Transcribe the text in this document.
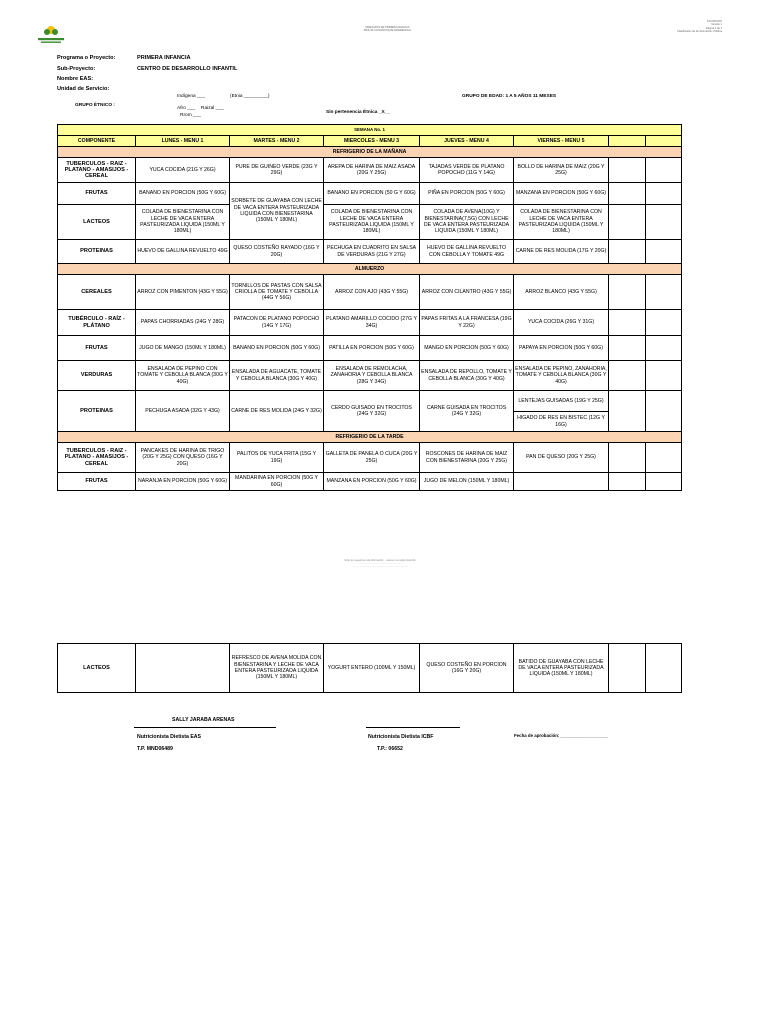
DIRECCIÓN DE PRIMERA INFANCIA
MINUTA CON ENFOQUE DIFERENCIAL
F23.MO4.PP
Versión 1
Página 1 de 1
Clasificación de la información: Pública
Programa o Proyecto:	PRIMERA INFANCIA
Sub-Proyecto:	CENTRO DE DESARROLLO INFANTIL
Nombre EAS:
Unidad de Servicio:
Indígena ___	(Etnia _________)
GRUPO ÉTNICO :
Afro ___ Raizal ___
Rrom ___
Sin pertenencia Étnica _X__
GRUPO DE EDAD: 1 A 5 AÑOS 11 MESES
SEMANA No. 1							
COMPONENTE	LUNES - MENU 1	MARTES - MENU 2	MIERCOLES - MENU 3	JUEVES - MENU 4	VIERNES - MENU 5		
REFRIGERIO DE LA MAÑANA							
TUBERCULOS - RAIZ - PLATANO - AMASIJOS - CEREAL	YUCA COCIDA (21G Y 26G)	PURE DE GUINEO VERDE (23G Y 29G)	AREPA DE HARINA DE MAIZ ASADA (20G Y 25G)	TAJADAS VERDE DE PLATANO POPOCHO (11G Y 14G)	BOLLO DE HARINA DE MAIZ (20G Y 25G)		
FRUTAS	BANANO EN PORCION (50G Y 60G)	SORBETE DE GUAYABA CON LECHE DE VACA ENTERA PASTEURIZADA LIQUIDA CON BIENESTARINA (150ML Y 180ML)	BANANO EN PORCION (50 G Y 60G)	PIÑA EN PORCION (50G Y 60G)	MANZANA EN PORCION (50G Y 60G)		
LACTEOS	COLADA DE BIENESTARINA CON LECHE DE VACA ENTERA PASTEURIZADA LIQUIDA (150ML Y 180ML)		COLADA DE BIENESTARINA CON LECHE DE VACA ENTERA PASTEURIZADA LIQUIDA (150ML Y 180ML)	COLADA DE AVENA(10G) Y BIENESTARINA(7,5G) CON LECHE DE VACA ENTERA PASTEURIZADA LIQUIDA (150ML Y 180ML)	COLADA DE BIENESTARINA CON LECHE DE VACA ENTERA PASTEURIZADA LIQUIDA (150ML Y 180ML)		
PROTEINAS	HUEVO DE GALLINA REVUELTO 49G	QUESO COSTEÑO RAYADO (16G Y 20G)	PECHUGA EN CUADRITO EN SALSA DE VERDURAS (21G Y 27G)	HUEVO DE GALLINA REVUELTO CON CEBOLLA Y TOMATE 49G	CARNE DE RES MOLIDA (17G Y 20G)		
ALMUERZO							
CEREALES	ARROZ CON PIMENTON (43G Y 55G)	TORNILLOS DE PASTAS CON SALSA CRIOLLA DE TOMATE Y CEBOLLA (44G Y 56G)	ARROZ CON AJO (43G Y 55G)	ARROZ CON CILANTRO (43G Y 55G)	ARROZ BLANCO (43G Y 55G)		
TUBÉRCULO - RAÍZ - PLÁTANO	PAPAS CHORRIADAS (24G Y 28G)	PATACON DE PLATANO POPOCHO (14G Y 17G)	PLATANO AMARILLO COCIDO (27G Y 34G)	PAPAS FRITAS A LA FRANCESA (19G Y 22G)	YUCA COCIDA (26G Y 31G)		
FRUTAS	JUGO DE MANGO (150ML Y 180ML)	BANANO EN PORCION (50G Y 60G)	PATILLA EN PORCION (50G Y 60G)	MANGO EN PORCION (50G Y 60G)	PAPAYA EN PORCION (50G Y 60G)		
VERDURAS	ENSALADA DE PEPINO CON TOMATE Y CEBOLLA BLANCA (30G Y 40G)	ENSALADA DE AGUACATE, TOMATE Y CEBOLLA BLANCA (30G Y 40G)	ENSALADA DE REMOLACHA, ZANAHORIA Y CEBOLLA BLANCA (28G Y 34G)	ENSALADA DE REPOLLO, TOMATE Y CEBOLLA BLANCA (30G Y 40G)	ENSALADA DE PEPINO, ZANAHORIA, TOMATE Y CEBOLLA BLANCA (30G Y 40G)		
PROTEINAS	PECHUGA ASADA (32G Y 43G)	CARNE DE RES MOLIDA (24G Y 32G)	CERDO GUISADO EN TROCITOS (24G Y 32G)	CARNE GUISADA EN TROCITOS (24G Y 32G)	LENTEJAS GUISADAS (19G Y 25G)		
					HIGADO DE RES EN BISTEC (12G Y 16G)		
REFRIGERIO DE LA TARDE							
TUBERCULOS - RAIZ - PLATANO - AMASIJOS - CEREAL	PANCAKES DE HARINA DE TRIGO (20G Y 25G) CON QUESO (16G Y 20G)	PALITOS DE YUCA FRITA (15G Y 19G)	GALLETA DE PANELA O CUCA (20G Y 25G)	ROSCONES DE HARINA DE MAIZ CON BIENESTARINA (20G Y 25G)	PAN DE QUESO (20G Y 25G)		
FRUTAS	NARANJA EN PORCION (50G Y 60G)	MANDARINA EN PORCION (50G Y 60G)	MANZANA EN PORCION (50G Y 60G)	JUGO DE MELON (150ML Y 180ML)			
Nota: de requerirse más información, ...anexa en el anglo preferido
...................................................................
...................................................................................
LACTEOS		REFRESCO DE AVENA MOLIDA CON BIENESTARINA Y LECHE DE VACA ENTERA PASTEURIZADA LIQUIDA (150ML Y 180ML)	YOGURT ENTERO (100ML Y 150ML)	QUESO COSTEÑO EN PORCION (16G Y 20G)	BATIDO DE GUAYABA CON LECHE DE VACA ENTERA PASTEURIZADA LIQUIDA (150ML Y 180ML)		
SALLY JARABA ARENAS
Nutricionista Dietista EAS
T.P. MND06489
Nutricionista Dietista ICBF
T.P.: 06652
Fecha de aprobación:____________________
